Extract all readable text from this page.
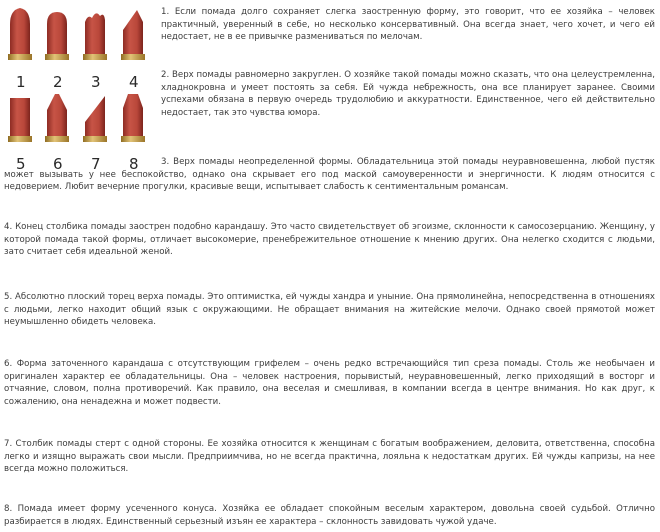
1 2 3 4
5 6 7 8

1. Если помада долго сохраняет слегка заостренную форму, это говорит, что ее хозяйка – человек практичный, уверенный в себе, но несколько консервативный. Она всегда знает, чего хочет, и чего ей недостает, не в ее привычке размениваться по мелочам.

2. Верх помады равномерно закруглен. О хозяйке такой помады можно сказать, что она целеустремленна, хладнокровна и умеет постоять за себя. Ей чужда небрежность, она все планирует заранее. Своими успехами обязана в первую очередь трудолюбию и аккуратности. Единственное, чего ей действительно недостает, так это чувства юмора.

3. Верх помады неопределенной формы. Обладательница этой помады неуравновешенна, любой пустяк может вызывать у нее беспокойство, однако она скрывает его под маской самоуверенности и энергичности. К людям относится с недоверием. Любит вечерние прогулки, красивые вещи, испытывает слабость к сентиментальным романсам.

4. Конец столбика помады заострен подобно карандашу. Это часто свидетельствует об эгоизме, склонности к самосозерцанию. Женщину, у которой помада такой формы, отличает высокомерие, пренебрежительное отношение к мнению других. Она нелегко сходится с людьми, зато считает себя идеальной женой.

5. Абсолютно плоский торец верха помады. Это оптимистка, ей чужды хандра и уныние. Она прямолинейна, непосредственна в отношениях с людьми, легко находит общий язык с окружающими. Не обращает внимания на житейские мелочи. Однако своей прямотой может неумышленно обидеть человека.

6. Форма заточенного карандаша с отсутствующим грифелем – очень редко встречающийся тип среза помады. Столь же необычаен и оригинален характер ее обладательницы. Она – человек настроения, порывистый, неуравновешенный, легко приходящий в восторг и отчаяние, словом, полна противоречий. Как правило, она веселая и смешливая, в компании всегда в центре внимания. Но как друг, к сожалению, она ненадежна и может подвести.

7. Столбик помады стерт с одной стороны. Ее хозяйка относится к женщинам с богатым воображением, деловита, ответственна, способна легко и изящно выражать свои мысли. Предприимчива, но не всегда практична, лояльна к недостаткам других. Ей чужды капризы, на нее всегда можно положиться.

8. Помада имеет форму усеченного конуса. Хозяйка ее обладает спокойным веселым характером, довольна своей судьбой. Отлично разбирается в людях. Единственный серьезный изъян ее характера – склонность завидовать чужой удаче.
